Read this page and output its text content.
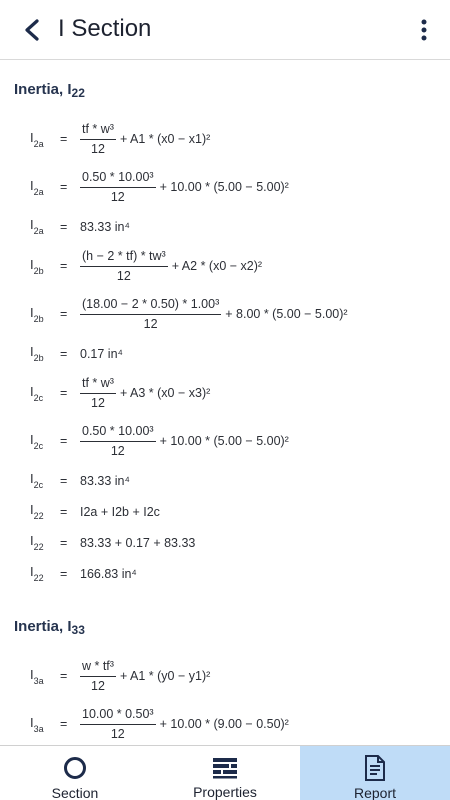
I Section
Inertia, $I_{22}$
$I_{2a}$	= $\frac{\text{tf * w³}}{12} + A1 * (x0 - x1)^2$
$I_{2a}$	= $\frac{\text{0.50 * 10.00³}}{12} + 10.00 * (5.00 - 5.00)^2$
$I_{2a}$	= 83.33 in⁴
$I_{2b}$	= $\frac{\text{(h − 2 * tf) * tw³}}{12} + A2 * (x0 - x2)^2$
$I_{2b}$	= $\frac{\text{(18.00 − 2 * 0.50) * 1.00³}}{12} + 8.00 * (5.00 - 5.00)^2$
$I_{2b}$	= 0.17 in⁴
$I_{2c}$	= $\frac{\text{tf * w³}}{12} + A3 * (x0 - x3)^2$
$I_{2c}$	= $\frac{\text{0.50 * 10.00³}}{12} + 10.00 * (5.00 - 5.00)^2$
$I_{2c}$	= 83.33 in⁴
$I_{22}$	= I2a + I2b + I2c
$I_{22}$	= 83.33 + 0.17 + 83.33
$I_{22}$	= 166.83 in⁴
Inertia, $I_{33}$
$I_{3a}$	= $\frac{\text{w * tf³}}{12} + A1 * (y0 - y1)^2$
$I_{3a}$	= $\frac{\text{10.00 * 0.50³}}{12} + 10.00 * (9.00 - 0.50)^2$
Section	Properties	Report
